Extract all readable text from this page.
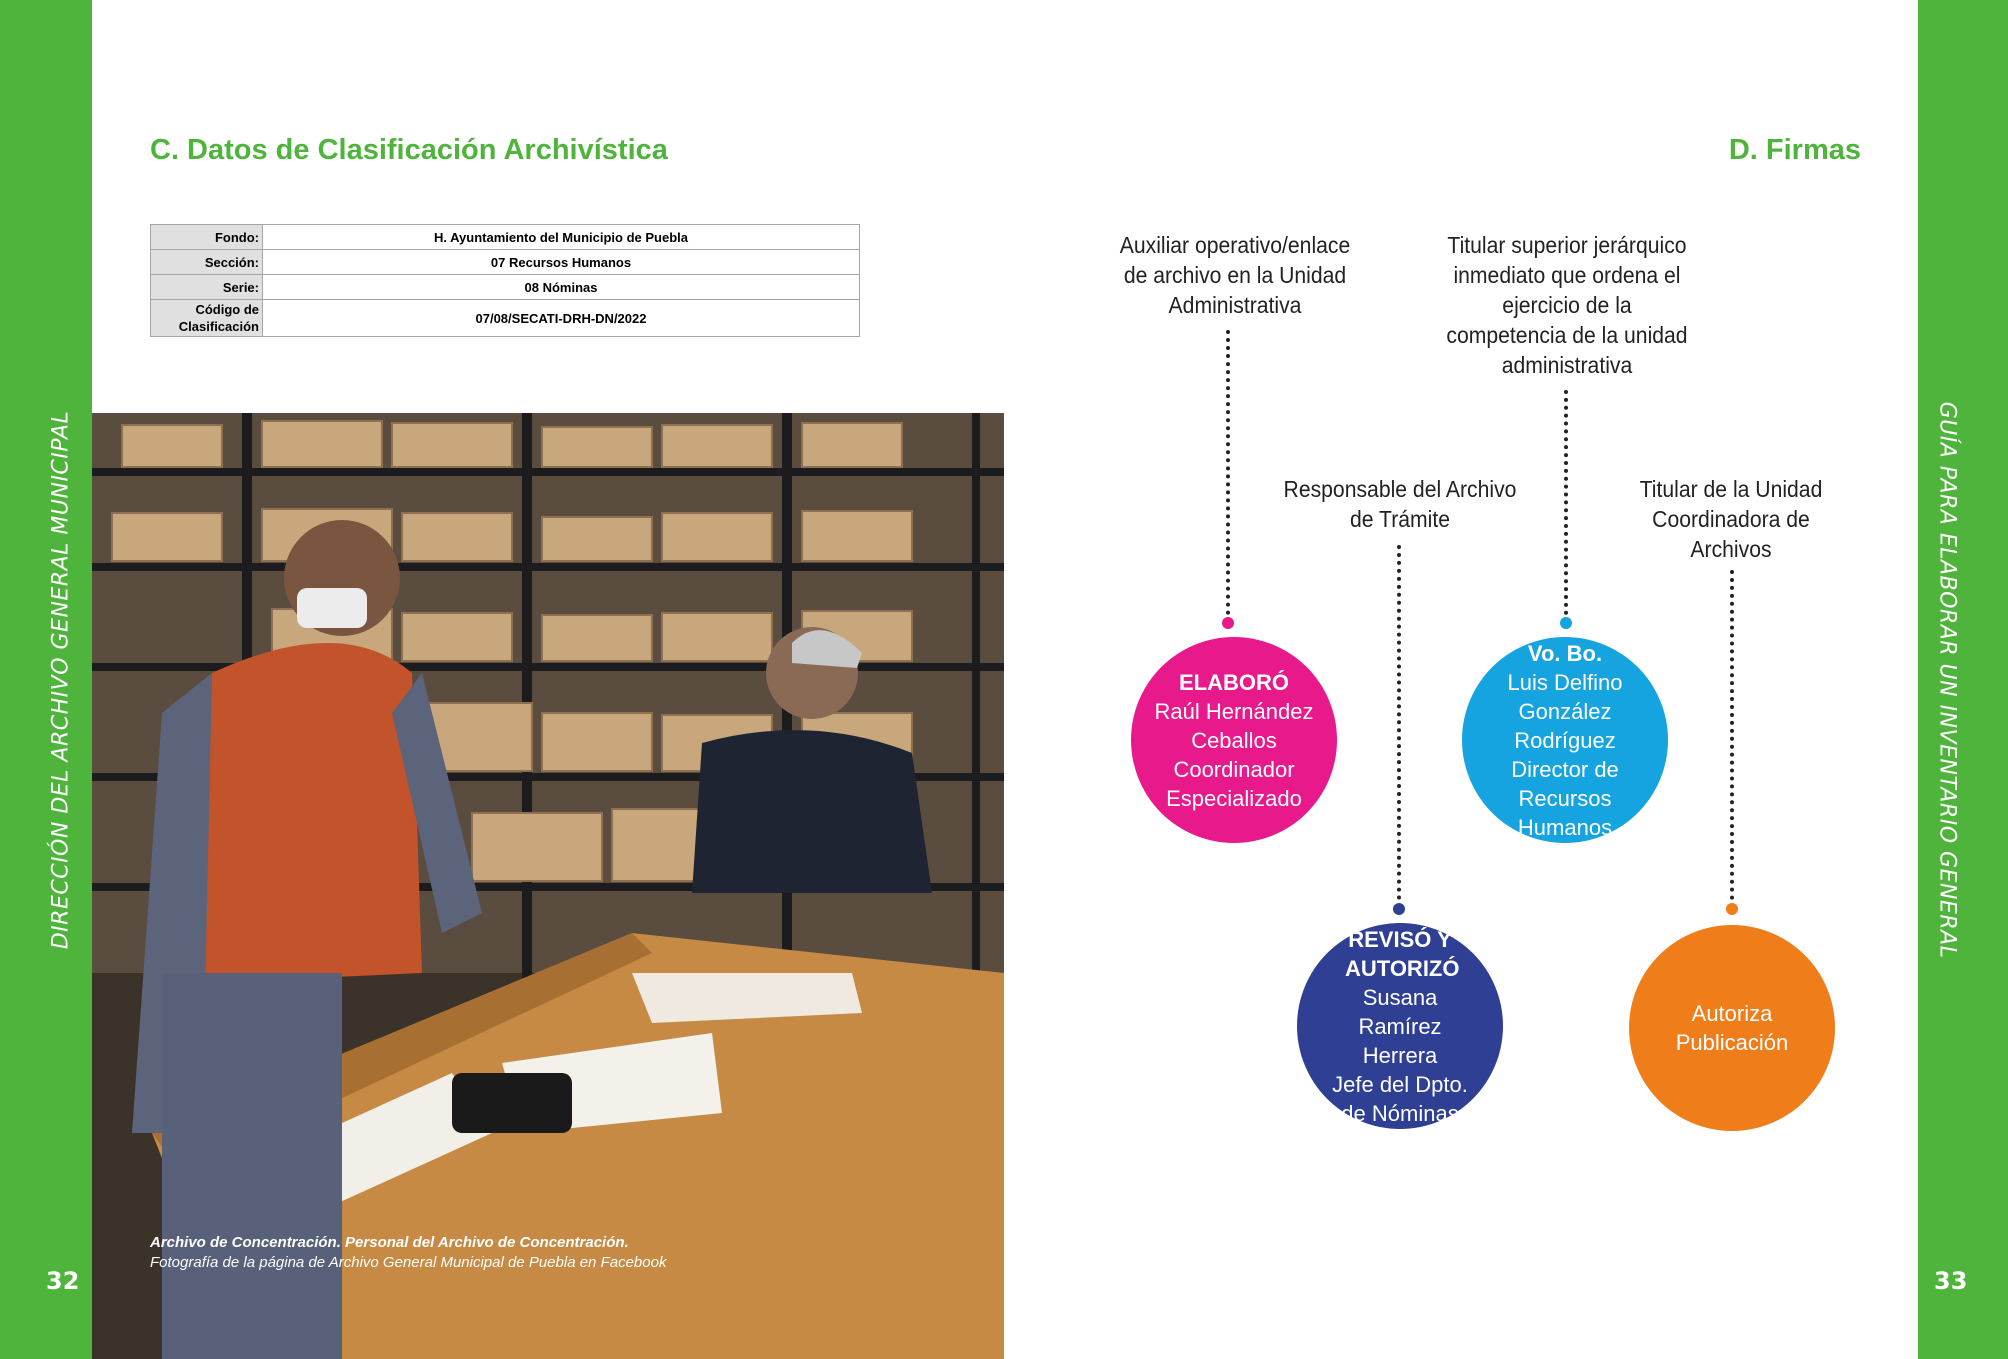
DIRECCIÓN DEL ARCHIVO GENERAL MUNICIPAL	GUÍA PARA ELABORAR UN INVENTARIO GENERAL
32	33
C. Datos de Clasificación Archivística
Fondo:	H. Ayuntamiento del Municipio de Puebla
Sección:	07 Recursos Humanos
Serie:	08 Nóminas
Código de Clasificación	07/08/SECATI-DRH-DN/2022
Archivo de Concentración. Personal del Archivo de Concentración.
Fotografía de la página de Archivo General Municipal de Puebla en Facebook
D. Firmas
Auxiliar operativo/enlace de archivo en la Unidad Administrativa
ELABORÓ
Raúl Hernández Ceballos
Coordinador Especializado
Responsable del Archivo de Trámite
REVISÓ Y AUTORIZÓ
Susana Ramírez Herrera
Jefe del Dpto. de Nóminas
Titular superior jerárquico inmediato que ordena el ejercicio de la competencia de la unidad administrativa
Vo. Bo.
Luis Delfino González Rodríguez
Director de Recursos Humanos
Titular de la Unidad Coordinadora de Archivos
Autoriza Publicación
